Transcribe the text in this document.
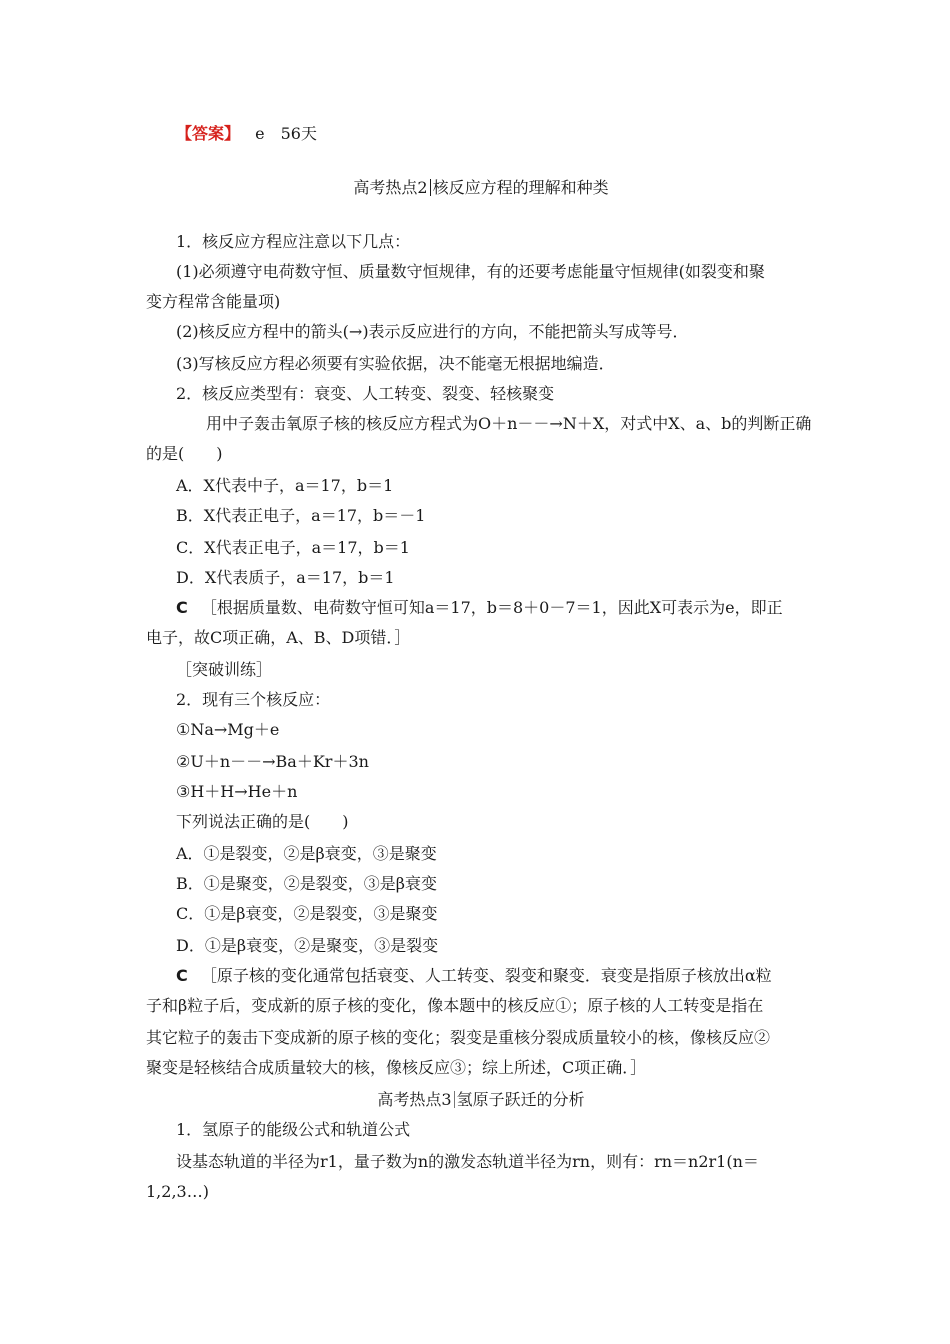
【答案】 e　56天
高考热点2 核反应方程的理解和种类
1．核反应方程应注意以下几点：
(1)必须遵守电荷数守恒、质量数守恒规律，有的还要考虑能量守恒规律(如裂变和聚
变方程常含能量项)
(2)核反应方程中的箭头(→)表示反应进行的方向，不能把箭头写成等号．
(3)写核反应方程必须要有实验依据，决不能毫无根据地编造．
2．核反应类型有：衰变、人工转变、裂变、轻核聚变
用中子轰击氧原子核的核反应方程式为O＋n－－→N＋X，对式中X、a、b的判断正确
的是(　　)
A．X代表中子，a＝17，b＝1
B．X代表正电子，a＝17，b＝－1
C．X代表正电子，a＝17，b＝1
D．X代表质子，a＝17，b＝1
C ［根据质量数、电荷数守恒可知a＝17，b＝8＋0－7＝1，因此X可表示为e，即正
电子，故C项正确，A、B、D项错．］
［突破训练］
2．现有三个核反应：
①Na→Mg＋e
②U＋n－－→Ba＋Kr＋3n
③H＋H→He＋n
下列说法正确的是(　　)
A．①是裂变，②是β衰变，③是聚变
B．①是聚变，②是裂变，③是β衰变
C．①是β衰变，②是裂变，③是聚变
D．①是β衰变，②是聚变，③是裂变
C ［原子核的变化通常包括衰变、人工转变、裂变和聚变．衰变是指原子核放出α粒
子和β粒子后，变成新的原子核的变化，像本题中的核反应①；原子核的人工转变是指在
其它粒子的轰击下变成新的原子核的变化；裂变是重核分裂成质量较小的核，像核反应②
聚变是轻核结合成质量较大的核，像核反应③；综上所述，C项正确．］
高考热点3 氢原子跃迁的分析
1．氢原子的能级公式和轨道公式
设基态轨道的半径为r1，量子数为n的激发态轨道半径为rn，则有：rn＝n2r1(n＝
1,2,3…)
